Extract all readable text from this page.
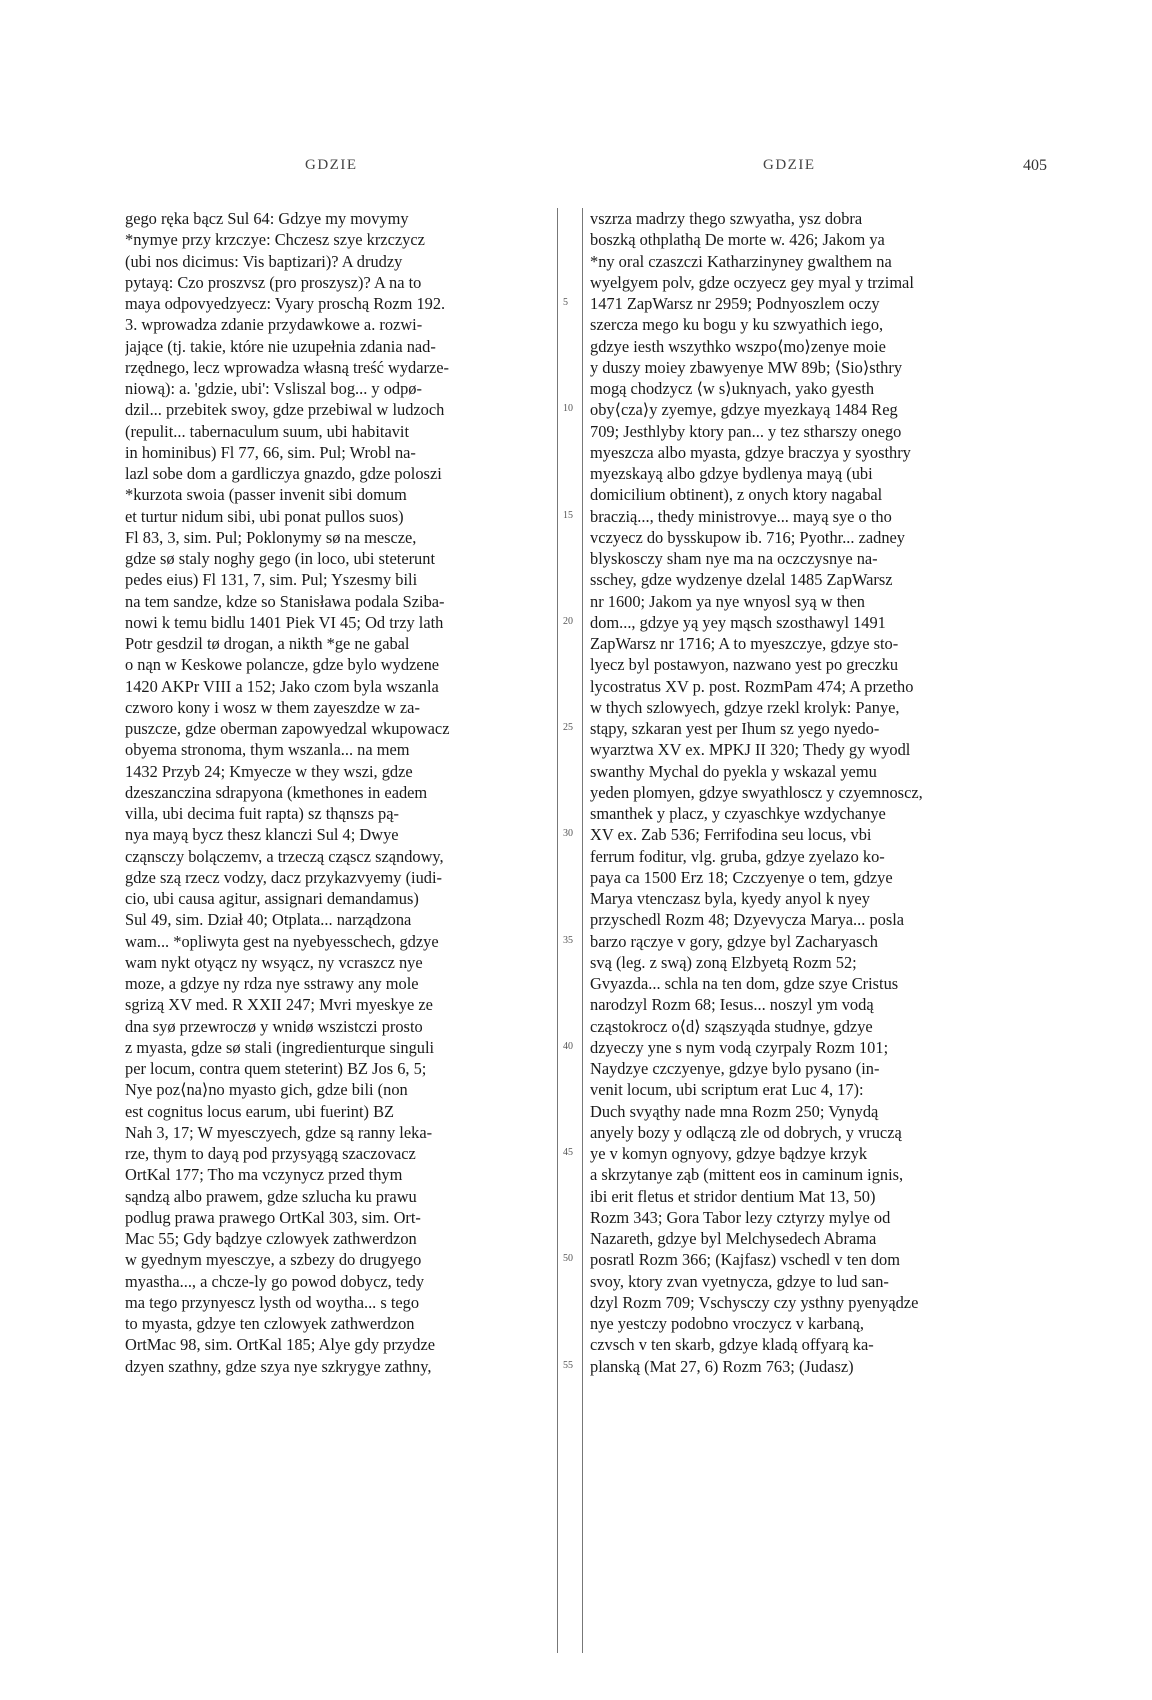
GDZIE	GDZIE	405
5
10
15
20
25
30
35
40
45
50
55
gego ręka bącz Sul 64: Gdzye my movymy
*nymye przy krzczye: Chczesz szye krzczycz
(ubi nos dicimus: Vis baptizari)? A drudzy
pytayą: Czo proszvsz (pro proszysz)? A na to
maya odpovyedzyecz: Vyary proschą Rozm 192.
3. wprowadza zdanie przydawkowe a. rozwi-
jające (tj. takie, które nie uzupełnia zdania nad-
rzędnego, lecz wprowadza własną treść wydarze-
niową): a. 'gdzie, ubi': Vsliszal bog... y odpø-
dzil... przebitek swoy, gdze przebiwal w ludzoch
(repulit... tabernaculum suum, ubi habitavit
in hominibus) Fl 77, 66, sim. Pul; Wrobl na-
lazl sobe dom a gardliczya gnazdo, gdze poloszi
*kurzota swoia (passer invenit sibi domum
et turtur nidum sibi, ubi ponat pullos suos)
Fl 83, 3, sim. Pul; Poklonymy sø na mescze,
gdze sø staly noghy gego (in loco, ubi steterunt
pedes eius) Fl 131, 7, sim. Pul; Yszesmy bili
na tem sandze, kdze so Stanisława podala Sziba-
nowi k temu bidlu 1401 Piek VI 45; Od trzy lath
Potr gesdzil tø drogan, a nikth *ge ne gabal
o nąn w Keskowe polancze, gdze bylo wydzene
1420 AKPr VIII a 152; Jako czom byla wszanla
czworo kony i wosz w them zayeszdze w za-
puszcze, gdze oberman zapowyedzal wkupowacz
obyema stronoma, thym wszanla... na mem
1432 Przyb 24; Kmyecze w they wszi, gdze
dzeszanczina sdrapyona (kmethones in eadem
villa, ubi decima fuit rapta) sz thąnszs pą-
nya mayą bycz thesz klanczi Sul 4; Dwye
cząnsczy bolączemv, a trzeczą cząscz sząndowy,
gdze szą rzecz vodzy, dacz przykazvyemy (iudi-
cio, ubi causa agitur, assignari demandamus)
Sul 49, sim. Dział 40; Otplata... narządzona
wam... *opliwyta gest na nyebyesschech, gdzye
wam nykt otyącz ny wsyącz, ny vcraszcz nye
moze, a gdzye ny rdza nye sstrawy any mole
sgrizą XV med. R XXII 247; Mvri myeskye ze
dna syø przewroczø y wnidø wszistczi prosto
z myasta, gdze sø stali (ingredienturque singuli
per locum, contra quem steterint) BZ Jos 6, 5;
Nye poz⟨na⟩no myasto gich, gdze bili (non
est cognitus locus earum, ubi fuerint) BZ
Nah 3, 17; W myesczyech, gdze są ranny leka-
rze, thym to dayą pod przysyągą szaczovacz
OrtKal 177; Tho ma vczynycz przed thym
sąndzą albo prawem, gdze szlucha ku prawu
podlug prawa prawego OrtKal 303, sim. Ort-
Mac 55; Gdy bądzye czlowyek zathwerdzon
w gyednym myesczye, a szbezy do drugyego
myastha..., a chcze-ly go powod dobycz, tedy
ma tego przynyescz lysth od woytha... s tego
to myasta, gdzye ten czlowyek zathwerdzon
OrtMac 98, sim. OrtKal 185; Alye gdy przydze
dzyen szathny, gdze szya nye szkrygye zathny,
vszrza madrzy thego szwyatha, ysz dobra
boszką othplathą De morte w. 426; Jakom ya
*ny oral czaszczi Katharzinyney gwalthem na
wyelgyem polv, gdze oczyecz gey myal y trzimal
1471 ZapWarsz nr 2959; Podnyoszlem oczy
szercza mego ku bogu y ku szwyathich iego,
gdzye iesth wszythko wszpo⟨mo⟩zenye moie
y duszy moiey zbawyenye MW 89b; ⟨Sio⟩sthry
mogą chodzycz ⟨w s⟩uknyach, yako gyesth
oby⟨cza⟩y zyemye, gdzye myezkayą 1484 Reg
709; Jesthlyby ktory pan... y tez stharszy onego
myeszcza albo myasta, gdzye braczya y syosthry
myezskayą albo gdzye bydlenya mayą (ubi
domicilium obtinent), z onych ktory nagabal
braczią..., thedy ministrovye... mayą sye o tho
vczyecz do bysskupow ib. 716; Pyothr... zadney
blyskosczy sham nye ma na oczczysnye na-
sschey, gdze wydzenye dzelal 1485 ZapWarsz
nr 1600; Jakom ya nye wnyosl syą w then
dom..., gdzye yą yey mąsch szosthawyl 1491
ZapWarsz nr 1716; A to myeszczye, gdzye sto-
lyecz byl postawyon, nazwano yest po greczku
lycostratus XV p. post. RozmPam 474; A przetho
w thych szlowyech, gdzye rzekl krolyk: Panye,
stąpy, szkaran yest per Ihum sz yego nyedo-
wyarztwa XV ex. MPKJ II 320; Thedy gy wyodl
swanthy Mychal do pyekla y wskazal yemu
yeden plomyen, gdzye swyathloscz y czyemnoscz,
smanthek y placz, y czyaschkye wzdychanye
XV ex. Zab 536; Ferrifodina seu locus, vbi
ferrum foditur, vlg. gruba, gdzye zyelazo ko-
paya ca 1500 Erz 18; Czczyenye o tem, gdzye
Marya vtenczasz byla, kyedy anyol k nyey
przyschedl Rozm 48; Dzyevycza Marya... posla
barzo rączye v gory, gdzye byl Zacharyasch
svą (leg. z swą) zoną Elzbyetą Rozm 52;
Gvyazda... schla na ten dom, gdze szye Cristus
narodzyl Rozm 68; Iesus... noszyl ym vodą
cząstokrocz o⟨d⟩ sząszyąda studnye, gdzye
dzyeczy yne s nym vodą czyrpaly Rozm 101;
Naydzye czczyenye, gdzye bylo pysano (in-
venit locum, ubi scriptum erat Luc 4, 17):
Duch svyąthy nade mna Rozm 250; Vynydą
anyely bozy y odlączą zle od dobrych, y vruczą
ye v komyn ognyovy, gdzye bądzye krzyk
a skrzytanye ząb (mittent eos in caminum ignis,
ibi erit fletus et stridor dentium Mat 13, 50)
Rozm 343; Gora Tabor lezy cztyrzy mylye od
Nazareth, gdzye byl Melchysedech Abrama
posratl Rozm 366; (Kajfasz) vschedl v ten dom
svoy, ktory zvan vyetnycza, gdzye to lud san-
dzyl Rozm 709; Vschysczy czy ysthny pyenyądze
nye yestczy podobno vroczycz v karbaną,
czvsch v ten skarb, gdzye kladą offyarą ka-
planską (Mat 27, 6) Rozm 763; (Judasz)
